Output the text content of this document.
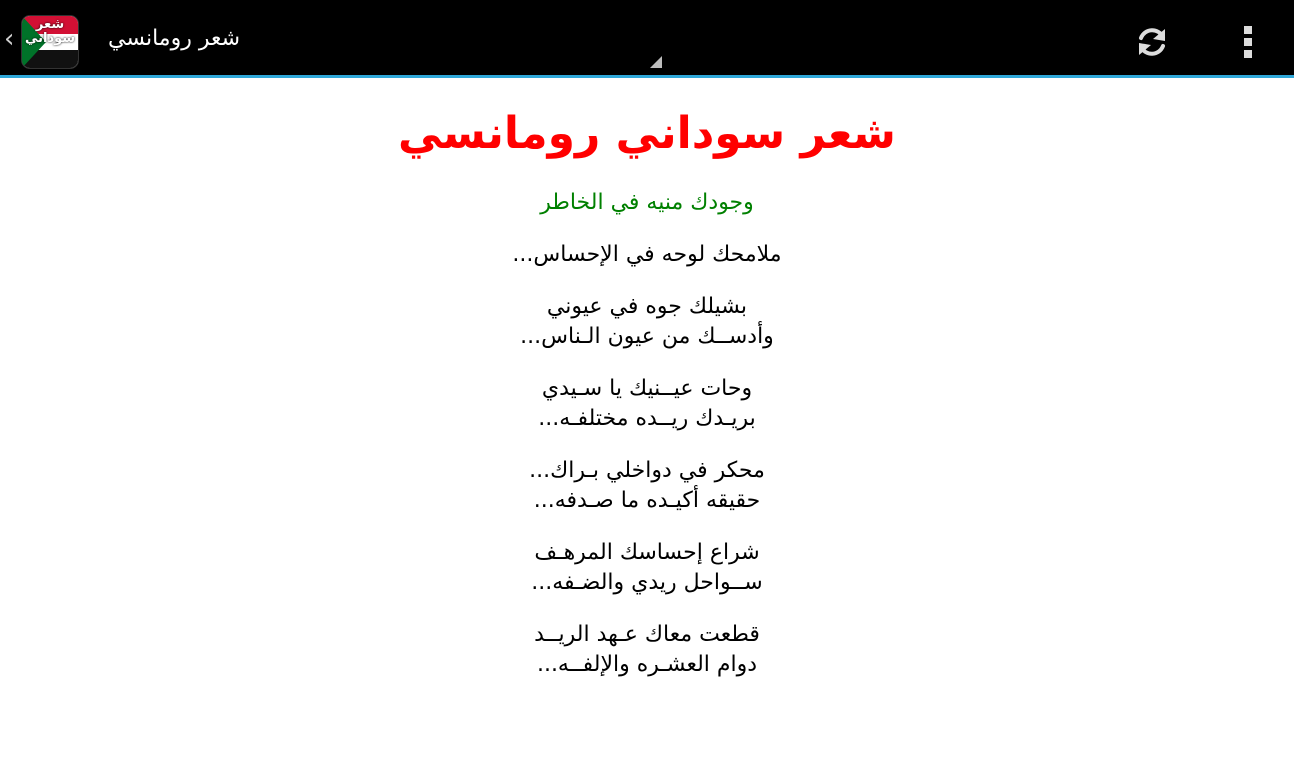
‹	شعر سوداني شعر رومانسي
شعر سوداني رومانسي
وجودك منيه في الخاطر
ملامحك لوحه في الإحساس...
بشيلك جوه في عيوني
وأدســك من عيون الـناس...
وحات عيــنيك يا سـيدي
بريـدك ريــده مختلفـه...
محكر في دواخلي بـراك...
حقيقه أكيـده ما صـدفه...
شراع إحساسك المرهـف
ســواحل ريدي والضـفه...
قطعت معاك عـهد الريــد
دوام العشـره والإلفــه...
